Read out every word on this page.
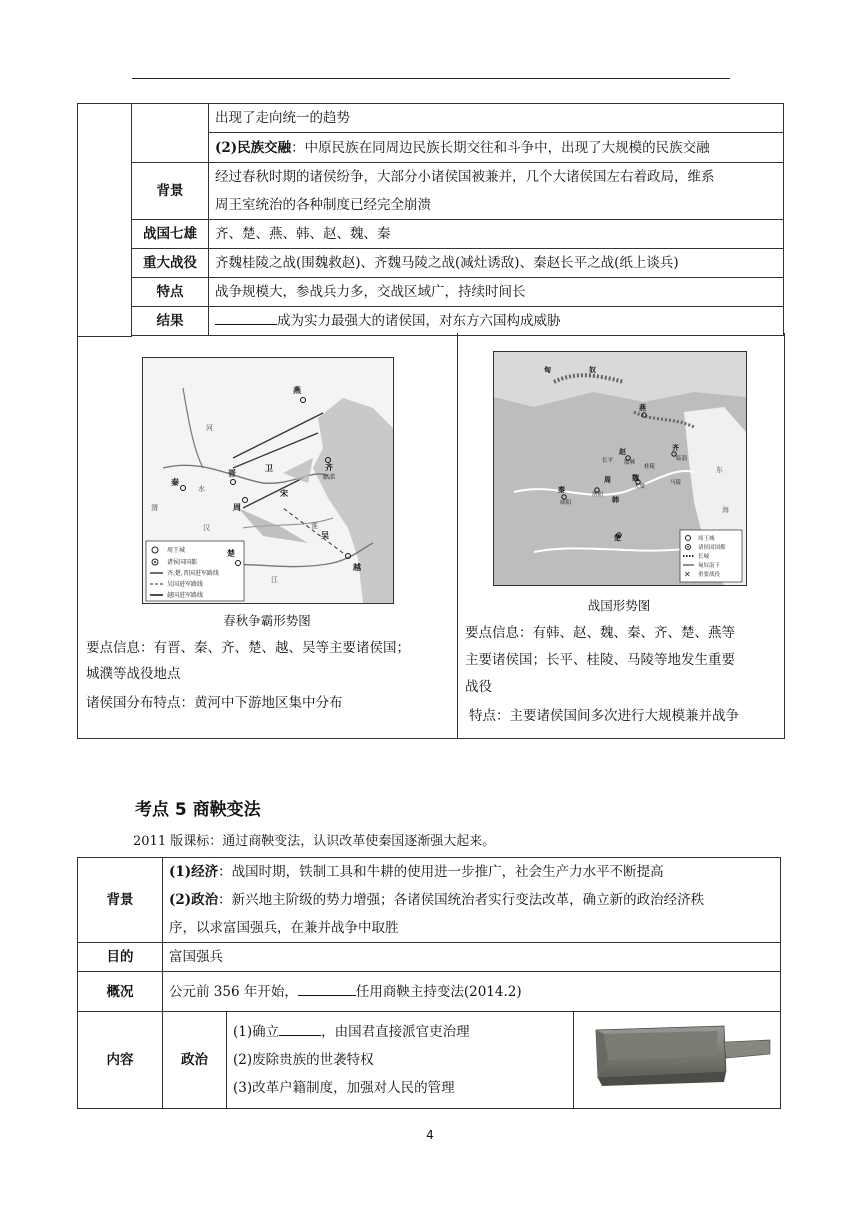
		出现了走向统一的趋势
		(2)民族交融：中原民族在同周边民族长期交往和斗争中，出现了大规模的民族交融
	背景	经过春秋时期的诸侯纷争，大部分小诸侯国被兼并，几个大诸侯国左右着政局，维系
周王室统治的各种制度已经完全崩溃

	战国七雄	齐、楚、燕、韩、赵、魏、秦
	重大战役	齐魏桂陵之战(围魏救赵)、齐魏马陵之战(减灶诱敌)、秦赵长平之战(纸上谈兵)
	特点	战争规模大，参战兵力多，交战区域广，持续时间长
	结果	成为实力最强大的诸侯国，对东方六国构成威胁

周王城
诸侯国国都
齐,楚,晋国进军路线
吴国进军路线
越国进军路线
燕
齐
临淄
晋
卫
宋
秦
周
楚
吴
越
渭
水
河
淮
江
汉
春秋争霸形势图
要点信息：有晋、秦、齐、楚、越、吴等主要诸侯国；
城濮等战役地点
诸侯国分布特点：黄河中下游地区集中分布
✕
周王城
诸侯国国都
长城
匈奴南下
重要战役
匈	奴
燕
赵
魏
韩
秦
齐
楚
周
长平 邯郸
桂陵
马陵
大梁
咸阳
洛阳
临淄
东
海
战国形势图
要点信息：有韩、赵、魏、秦、齐、楚、燕等
主要诸侯国；长平、桂陵、马陵等地发生重要
战役
特点：主要诸侯国间多次进行大规模兼并战争
考点 5 商鞅变法
2011 版课标：通过商鞅变法，认识改革使秦国逐渐强大起来。
背景	(1)经济：战国时期，铁制工具和牛耕的使用进一步推广，社会生产力水平不断提高
(2)政治：新兴地主阶级的势力增强；各诸侯国统治者实行变法改革，确立新的政治经济秩
序，以求富国强兵，在兼并战争中取胜		

目的	富国强兵		
概况	公元前 356 年开始， 任用商鞅主持变法(2014.2)		
内容	政治	(1)确立 ，由国君直接派官吏治理
(2)废除贵族的世袭特权
(3)改革户籍制度，加强对人民的管理

4
